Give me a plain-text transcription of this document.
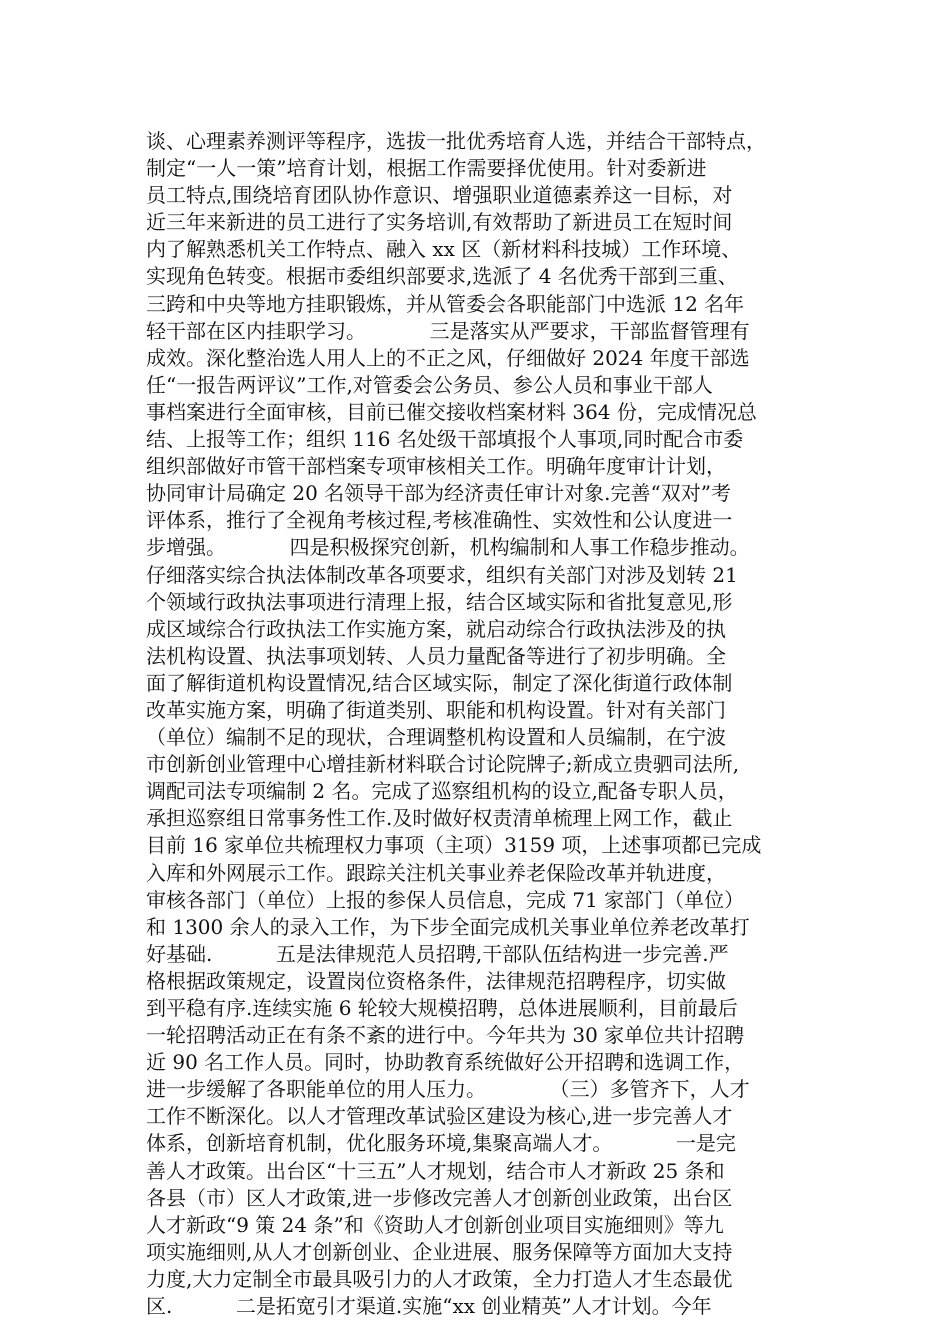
谈、心理素养测评等程序，选拔一批优秀培育人选，并结合干部特点，
制定“一人一策”培育计划，根据工作需要择优使用。针对委新进
员工特点,围绕培育团队协作意识、增强职业道德素养这一目标，对
近三年来新进的员工进行了实务培训,有效帮助了新进员工在短时间
内了解熟悉机关工作特点、融入 xx 区（新材料科技城）工作环境、
实现角色转变。根据市委组织部要求,选派了 4 名优秀干部到三重、
三跨和中央等地方挂职锻炼，并从管委会各职能部门中选派 12 名年
轻干部在区内挂职学习。          三是落实从严要求，干部监督管理有
成效。深化整治选人用人上的不正之风，仔细做好 2024 年度干部选
任“一报告两评议”工作,对管委会公务员、参公人员和事业干部人
事档案进行全面审核，目前已催交接收档案材料 364 份，完成情况总
结、上报等工作；组织 116 名处级干部填报个人事项,同时配合市委
组织部做好市管干部档案专项审核相关工作。明确年度审计计划，
协同审计局确定 20 名领导干部为经济责任审计对象.完善“双对”考
评体系，推行了全视角考核过程,考核准确性、实效性和公认度进一
步增强。          四是积极探究创新，机构编制和人事工作稳步推动。
仔细落实综合执法体制改革各项要求，组织有关部门对涉及划转 21
个领域行政执法事项进行清理上报，结合区域实际和省批复意见,形
成区域综合行政执法工作实施方案，就启动综合行政执法涉及的执
法机构设置、执法事项划转、人员力量配备等进行了初步明确。全
面了解街道机构设置情况,结合区域实际，制定了深化街道行政体制
改革实施方案，明确了街道类别、职能和机构设置。针对有关部门
（单位）编制不足的现状，合理调整机构设置和人员编制，在宁波
市创新创业管理中心增挂新材料联合讨论院牌子;新成立贵驷司法所,
调配司法专项编制 2 名。完成了巡察组机构的设立,配备专职人员，
承担巡察组日常事务性工作.及时做好权责清单梳理上网工作，截止
目前 16 家单位共梳理权力事项（主项）3159 项，上述事项都已完成
入库和外网展示工作。跟踪关注机关事业养老保险改革并轨进度，
审核各部门（单位）上报的参保人员信息，完成 71 家部门（单位）
和 1300 余人的录入工作，为下步全面完成机关事业单位养老改革打
好基础.          五是法律规范人员招聘,干部队伍结构进一步完善.严
格根据政策规定，设置岗位资格条件，法律规范招聘程序，切实做
到平稳有序.连续实施 6 轮较大规模招聘，总体进展顺利，目前最后
一轮招聘活动正在有条不紊的进行中。今年共为 30 家单位共计招聘
近 90 名工作人员。同时，协助教育系统做好公开招聘和选调工作，
进一步缓解了各职能单位的用人压力。          （三）多管齐下，人才
工作不断深化。以人才管理改革试验区建设为核心,进一步完善人才
体系，创新培育机制，优化服务环境,集聚高端人才。          一是完
善人才政策。出台区“十三五”人才规划，结合市人才新政 25 条和
各县（市）区人才政策,进一步修改完善人才创新创业政策，出台区
人才新政“9 策 24 条”和《资助人才创新创业项目实施细则》等九
项实施细则,从人才创新创业、企业进展、服务保障等方面加大支持
力度,大力定制全市最具吸引力的人才政策，全力打造人才生态最优
区.          二是拓宽引才渠道.实施“xx 创业精英”人才计划。今年
